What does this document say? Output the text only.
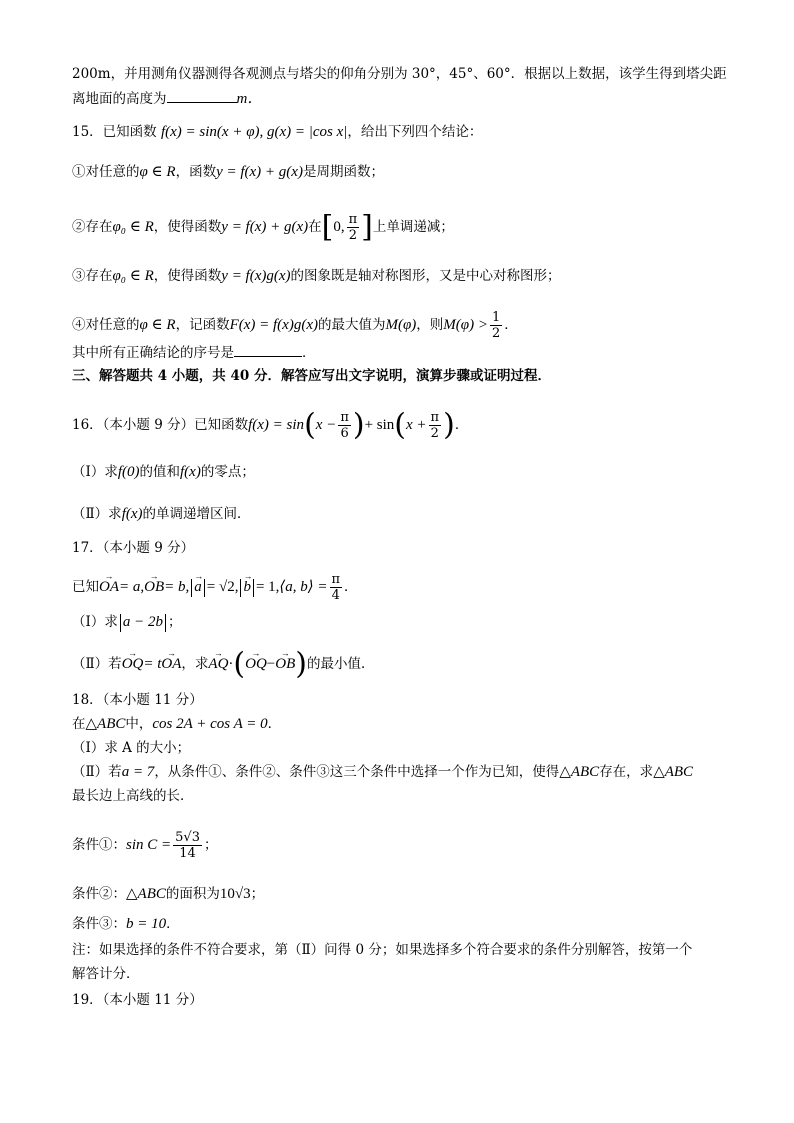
200m，并用测角仪器测得各观测点与塔尖的仰角分别为 30°，45°、60°．根据以上数据，该学生得到塔尖距
离地面的高度为	m．
15．已知函数 f(x) = sin(x + φ), g(x) = |cos x|，给出下列四个结论：
①对任意的φ ∈ R，函数y = f(x) + g(x)是周期函数；
②存在φ₀ ∈ R，使得函数y = f(x) + g(x)在[0, $\frac{\pi}{2}$ ]上单调递减；
③存在φ₀ ∈ R，使得函数y = f(x)g(x)的图象既是轴对称图形，又是中心对称图形；
④对任意的φ ∈ R，记函数F(x) = f(x)g(x)的最大值为M(φ)，则$M(\varphi) > \frac{1}{2}$ ．
其中所有正确结论的序号是	．
三、解答题共 4 小题，共 40 分．解答应写出文字说明，演算步骤或证明过程．
16．（本小题 9 分）已知函数$f(x) = \sin(x - \frac{\pi}{6}$ )+ $\sin(x + \frac{\pi}{2}$ )．
（Ⅰ）求f(0)的值和f(x)的零点；
（Ⅱ）求f(x)的单调递增区间．
17．（本小题 9 分）
已知→ OA= a,→ OB= b, → a = √2, → b = 1,⟨a, b⟩ = $\frac{\pi}{4}$ ．
（Ⅰ）求 a − 2b ；
（Ⅱ）若→ OQ= t→ OA，求→ AQ·(→ OQ−→ OB)的最小值．
18．（本小题 11 分）
在△ABC中，cos 2A + cos A = 0．
（Ⅰ）求 A 的大小；
（Ⅱ）若a = 7，从条件①、条件②、条件③这三个条件中选择一个作为已知，使得△ABC存在，求△ABC
最长边上高线的长．
条件①：$\sin C = \frac{5√3}{14}$ ；
条件②：△ABC的面积为10√3；
条件③：b = 10．
注：如果选择的条件不符合要求，第（Ⅱ）问得 0 分；如果选择多个符合要求的条件分别解答，按第一个
解答计分．
19．（本小题 11 分）
